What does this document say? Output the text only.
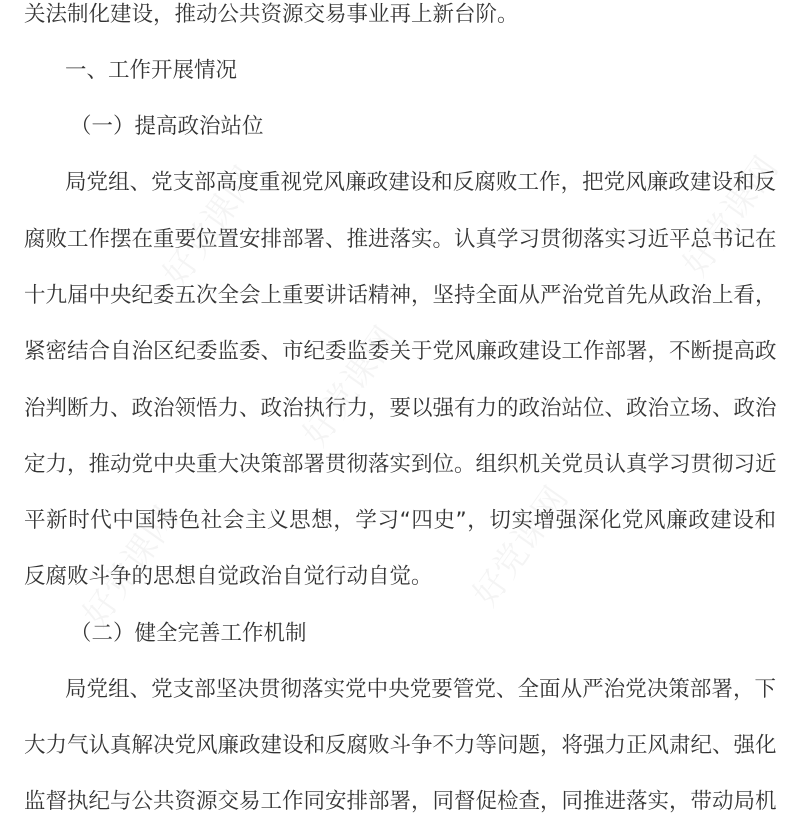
关法制化建设，推动公共资源交易事业再上新台阶。
一、工作开展情况
（一）提高政治站位
局党组、党支部高度重视党风廉政建设和反腐败工作，把党风廉政建设和反
腐败工作摆在重要位置安排部署、推进落实。认真学习贯彻落实习近平总书记在
十九届中央纪委五次全会上重要讲话精神，坚持全面从严治党首先从政治上看，
紧密结合自治区纪委监委、市纪委监委关于党风廉政建设工作部署，不断提高政
治判断力、政治领悟力、政治执行力，要以强有力的政治站位、政治立场、政治
定力，推动党中央重大决策部署贯彻落实到位。组织机关党员认真学习贯彻习近
平新时代中国特色社会主义思想，学习“四史”，切实增强深化党风廉政建设和
反腐败斗争的思想自觉政治自觉行动自觉。
（二）健全完善工作机制
局党组、党支部坚决贯彻落实党中央党要管党、全面从严治党决策部署，下
大力气认真解决党风廉政建设和反腐败斗争不力等问题，将强力正风肃纪、强化
监督执纪与公共资源交易工作同安排部署，同督促检查，同推进落实，带动局机
